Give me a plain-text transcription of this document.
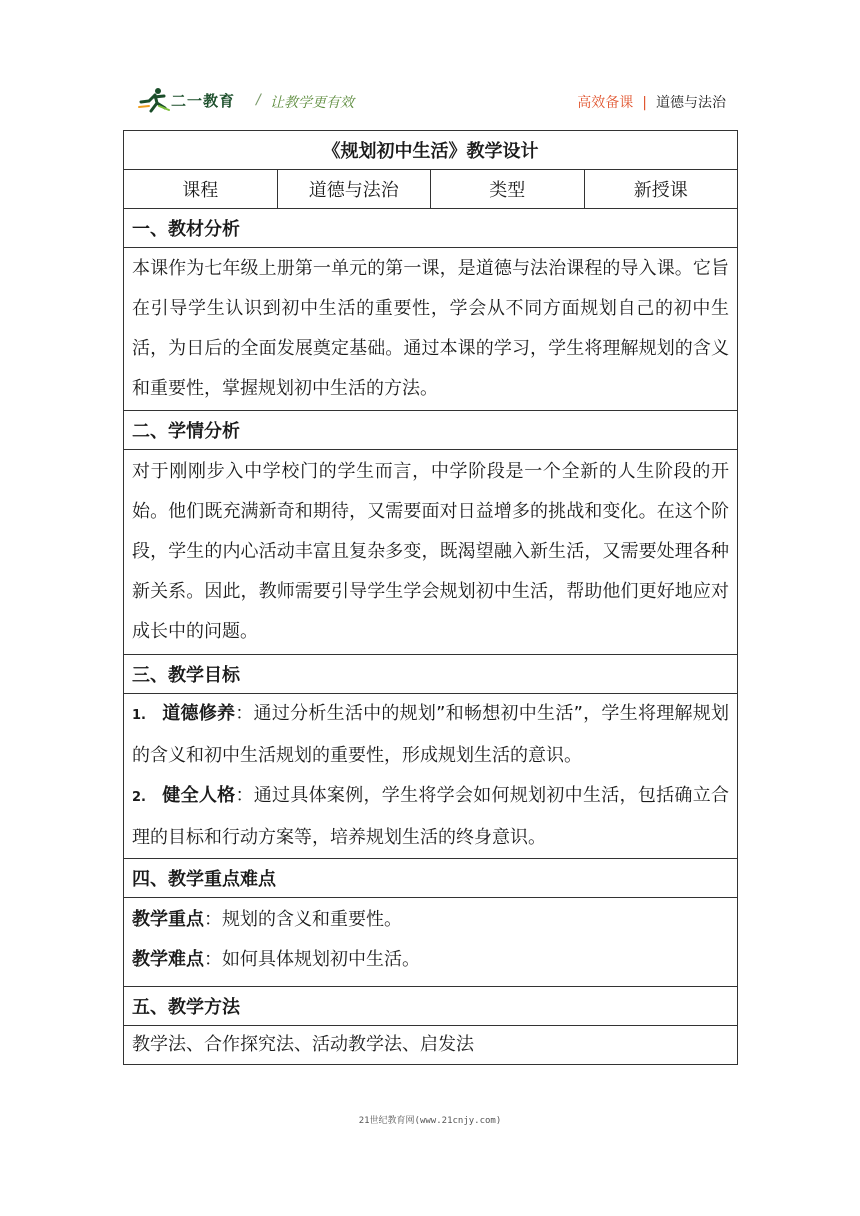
二一教育 / 让教学更有效	高效备课 | 道德与法治
《规划初中生活》教学设计
课程	道德与法治	类型	新授课
一、教材分析

本课作为七年级上册第一单元的第一课，是道德与法治课程的导入课。它旨在引导学生认识到初中生活的重要性，学会从不同方面规划自己的初中生活，为日后的全面发展奠定基础。通过本课的学习，学生将理解规划的含义和重要性，掌握规划初中生活的方法。

二、学情分析

对于刚刚步入中学校门的学生而言，中学阶段是一个全新的人生阶段的开始。他们既充满新奇和期待，又需要面对日益增多的挑战和变化。在这个阶段，学生的内心活动丰富且复杂多变，既渴望融入新生活，又需要处理各种新关系。因此，教师需要引导学生学会规划初中生活，帮助他们更好地应对成长中的问题。

三、教学目标

1. 道德修养：通过分析生活中的规划”和畅想初中生活”，学生将理解规划的含义和初中生活规划的重要性，形成规划生活的意识。

2. 健全人格：通过具体案例，学生将学会如何规划初中生活，包括确立合理的目标和行动方案等，培养规划生活的终身意识。

四、教学重点难点

教学重点：规划的含义和重要性。

教学难点：如何具体规划初中生活。

五、教学方法

教学法、合作探究法、活动教学法、启发法

21世纪教育网(www.21cnjy.com)
